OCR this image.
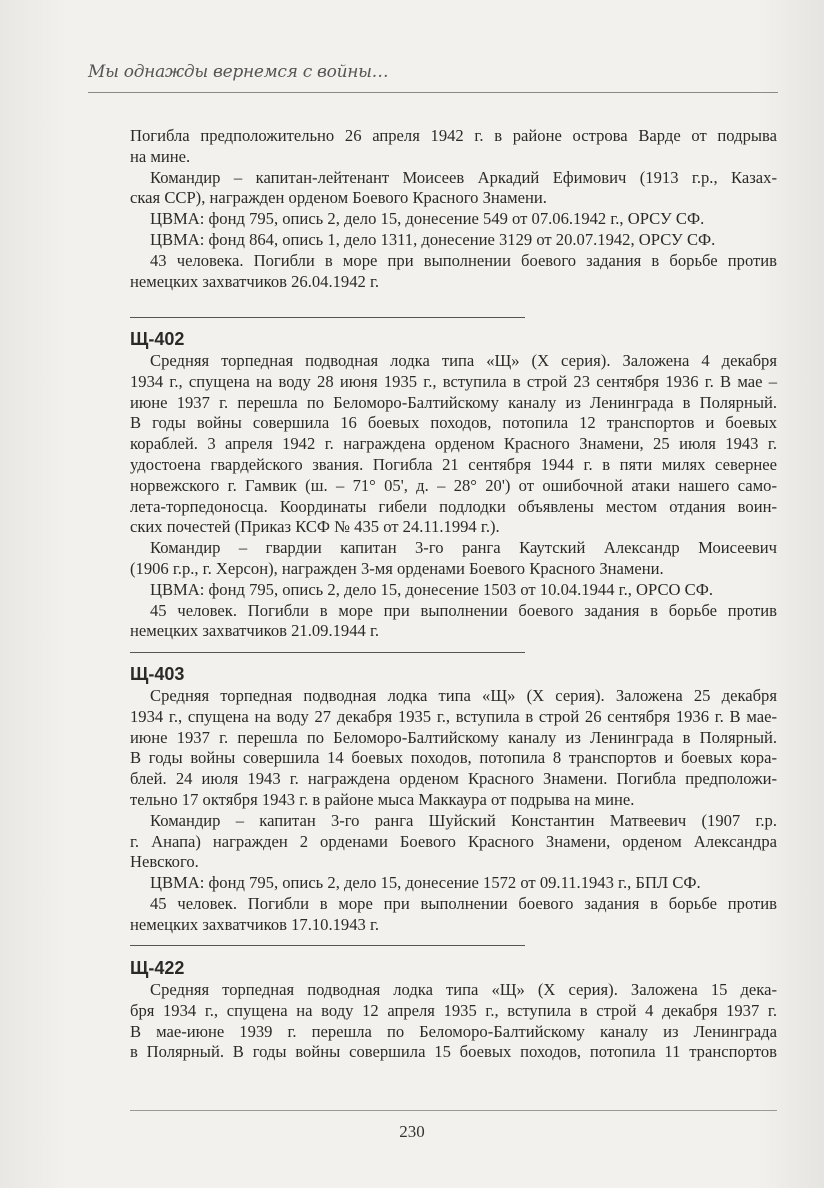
Мы однажды вернемся с войны…
Погибла предположительно 26 апреля 1942 г. в районе острова Варде от подрыва
на мине.
Командир – капитан-лейтенант Моисеев Аркадий Ефимович (1913 г.р., Казах-
ская ССР), награжден орденом Боевого Красного Знамени.
ЦВМА: фонд 795, опись 2, дело 15, донесение 549 от 07.06.1942 г., ОРСУ СФ.
ЦВМА: фонд 864, опись 1, дело 1311, донесение 3129 от 20.07.1942, ОРСУ СФ.
43 человека. Погибли в море при выполнении боевого задания в борьбе против
немецких захватчиков 26.04.1942 г.
Щ-402
Средняя торпедная подводная лодка типа «Щ» (X серия). Заложена 4 декабря
1934 г., спущена на воду 28 июня 1935 г., вступила в строй 23 сентября 1936 г. В мае –
июне 1937 г. перешла по Беломоро-Балтийскому каналу из Ленинграда в Полярный.
В годы войны совершила 16 боевых походов, потопила 12 транспортов и боевых
кораблей. 3 апреля 1942 г. награждена орденом Красного Знамени, 25 июля 1943 г.
удостоена гвардейского звания. Погибла 21 сентября 1944 г. в пяти милях севернее
норвежского г. Гамвик (ш. – 71° 05', д. – 28° 20') от ошибочной атаки нашего само-
лета-торпедоносца. Координаты гибели подлодки объявлены местом отдания воин-
ских почестей (Приказ КСФ № 435 от 24.11.1994 г.).
Командир – гвардии капитан 3-го ранга Каутский Александр Моисеевич
(1906 г.р., г. Херсон), награжден 3-мя орденами Боевого Красного Знамени.
ЦВМА: фонд 795, опись 2, дело 15, донесение 1503 от 10.04.1944 г., ОРСО СФ.
45 человек. Погибли в море при выполнении боевого задания в борьбе против
немецких захватчиков 21.09.1944 г.
Щ-403
Средняя торпедная подводная лодка типа «Щ» (X серия). Заложена 25 декабря
1934 г., спущена на воду 27 декабря 1935 г., вступила в строй 26 сентября 1936 г. В мае-
июне 1937 г. перешла по Беломоро-Балтийскому каналу из Ленинграда в Полярный.
В годы войны совершила 14 боевых походов, потопила 8 транспортов и боевых кора-
блей. 24 июля 1943 г. награждена орденом Красного Знамени. Погибла предположи-
тельно 17 октября 1943 г. в районе мыса Маккаура от подрыва на мине.
Командир – капитан 3-го ранга Шуйский Константин Матвеевич (1907 г.р.
г. Анапа) награжден 2 орденами Боевого Красного Знамени, орденом Александра
Невского.
ЦВМА: фонд 795, опись 2, дело 15, донесение 1572 от 09.11.1943 г., БПЛ СФ.
45 человек. Погибли в море при выполнении боевого задания в борьбе против
немецких захватчиков 17.10.1943 г.
Щ-422
Средняя торпедная подводная лодка типа «Щ» (X серия). Заложена 15 дека-
бря 1934 г., спущена на воду 12 апреля 1935 г., вступила в строй 4 декабря 1937 г.
В мае-июне 1939 г. перешла по Беломоро-Балтийскому каналу из Ленинграда
в Полярный. В годы войны совершила 15 боевых походов, потопила 11 транспортов
230
